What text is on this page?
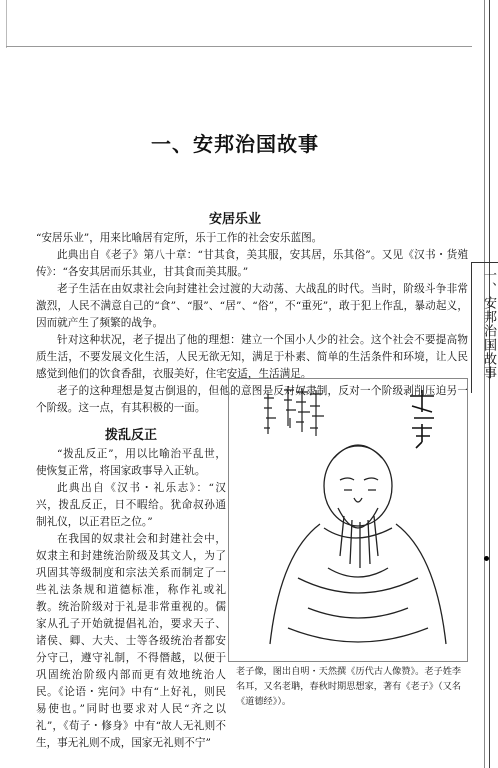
一、安邦治国故事
一、安邦治国故事
安居乐业

“安居乐业”，用来比喻居有定所，乐于工作的社会安乐蓝图。

此典出自《老子》第八十章：“甘其食，美其服，安其居，乐其俗”。又见《汉书・货殖传》：“各安其居而乐其业，甘其食而美其服。”

老子生活在由奴隶社会向封建社会过渡的大动荡、大战乱的时代。当时，阶级斗争非常激烈，人民不满意自己的“食”、“服”、“居”、“俗”，不“重死”，敢于犯上作乱，暴动起义，因而就产生了频繁的战争。

针对这种状况，老子提出了他的理想：建立一个国小人少的社会。这个社会不要提高物质生活，不要发展文化生活，人民无欲无知，满足于朴素、简单的生活条件和环境，让人民感觉到他们的饮食香甜，衣服美好，住宅安适，生活满足。

老子的这种理想是复古倒退的，但他的意图是反对奴隶制，反对一个阶级剥削压迫另一个阶级。这一点，有其积极的一面。

拨乱反正

“拨乱反正”，用以比喻治平乱世，使恢复正常，将国家政事导入正轨。

此典出自《汉书・礼乐志》：“汉兴，拨乱反正，日不暇给。犹命叔孙通制礼仪，以正君臣之位。”

在我国的奴隶社会和封建社会中，奴隶主和封建统治阶级及其文人，为了巩固其等级制度和宗法关系而制定了一些礼法条规和道德标准，称作礼或礼教。统治阶级对于礼是非常重视的。儒家从孔子开始就提倡礼治，要求天子、诸侯、卿、大夫、士等各级统治者都安分守己，遵守礼制，不得僭越，以便于巩固统治阶级内部而更有效地统治人民。《论语・宪问》中有“上好礼，则民易使也。”同时也要求对人民“齐之以礼”，《荀子・修身》中有“故人无礼则不生，事无礼则不成，国家无礼则不宁”

老子像，图出自明・天然撰《历代古人像赞》。老子姓李名耳，又名老聃，春秋时期思想家，著有《老子》（又名《道德经》）。
